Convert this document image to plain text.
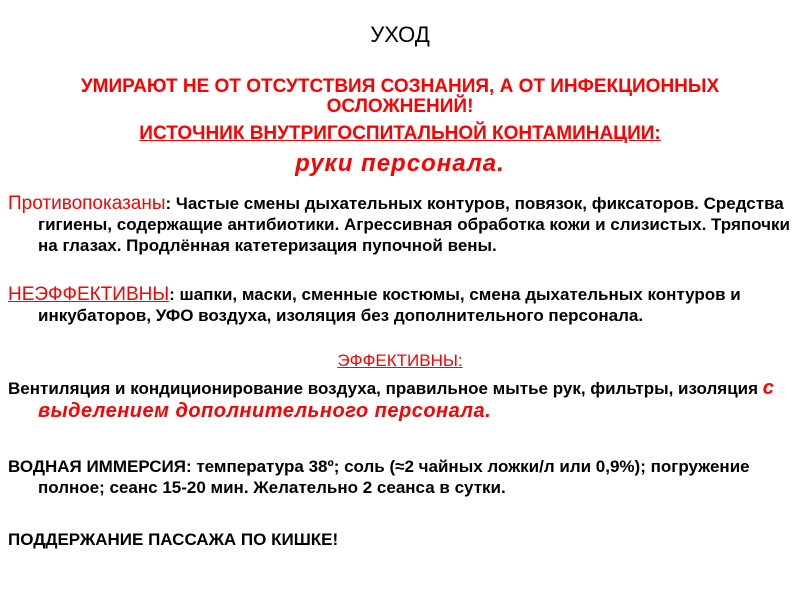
УХОД
УМИРАЮТ НЕ ОТ ОТСУТСТВИЯ СОЗНАНИЯ, А ОТ ИНФЕКЦИОННЫХ ОСЛОЖНЕНИЙ!
ИСТОЧНИК ВНУТРИГОСПИТАЛЬНОЙ КОНТАМИНАЦИИ:
руки персонала.
Противопоказаны: Частые смены дыхательных контуров, повязок, фиксаторов. Средства гигиены, содержащие антибиотики. Агрессивная обработка кожи и слизистых. Тряпочки на глазах. Продлённая катетеризация пупочной вены.
НЕЭФФЕКТИВНЫ: шапки, маски, сменные костюмы, смена дыхательных контуров и инкубаторов, УФО воздуха, изоляция без дополнительного персонала.
ЭФФЕКТИВНЫ:
Вентиляция и кондиционирование воздуха, правильное мытье рук, фильтры, изоляция с выделением дополнительного персонала.
ВОДНАЯ ИММЕРСИЯ: температура 38º; соль (≈2 чайных ложки/л или 0,9%); погружение полное; сеанс 15-20 мин. Желательно 2 сеанса в сутки.
ПОДДЕРЖАНИЕ ПАССАЖА ПО КИШКЕ!
